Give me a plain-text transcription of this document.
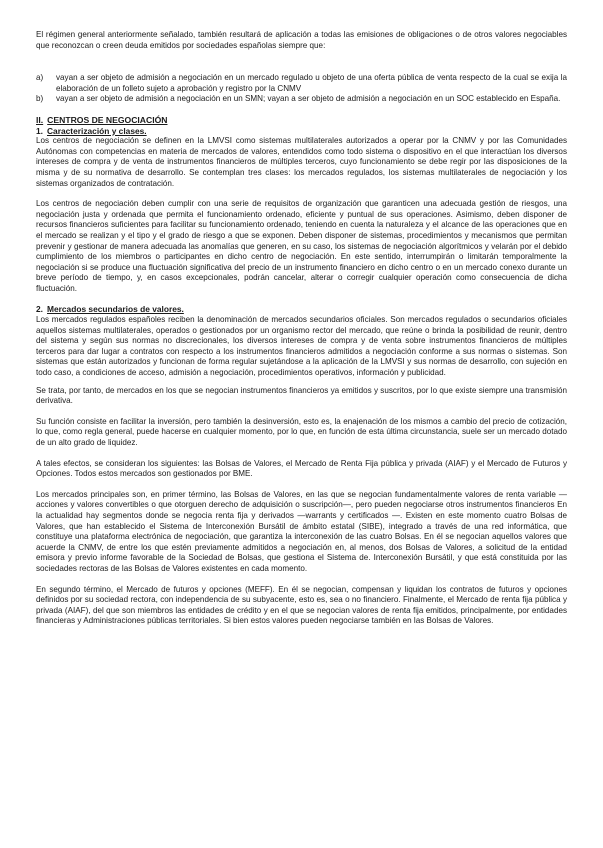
El régimen general anteriormente señalado, también resultará de aplicación a todas las emisiones de obligaciones o de otros valores negociables que reconozcan o creen deuda emitidos por sociedades españolas siempre que:

a)	vayan a ser objeto de admisión a negociación en un mercado regulado u objeto de una oferta pública de venta respecto de la cual se exija la elaboración de un folleto sujeto a aprobación y registro por la CNMV
b)	vayan a ser objeto de admisión a negociación en un SMN; vayan a ser objeto de admisión a negociación en un SOC establecido en España.
II. CENTROS DE NEGOCIACIÓN
1. Caracterización y clases.

Los centros de negociación se definen en la LMVSI como sistemas multilaterales autorizados a operar por la CNMV y por las Comunidades Autónomas con competencias en materia de mercados de valores, entendidos como todo sistema o dispositivo en el que interactúan los diversos intereses de compra y de venta de instrumentos financieros de múltiples terceros, cuyo funcionamiento se debe regir por las disposiciones de la misma y de su normativa de desarrollo. Se contemplan tres clases: los mercados regulados, los sistemas multilaterales de negociación y los sistemas organizados de contratación.

Los centros de negociación deben cumplir con una serie de requisitos de organización que garanticen una adecuada gestión de riesgos, una negociación justa y ordenada que permita el funcionamiento ordenado, eficiente y puntual de sus operaciones. Asimismo, deben disponer de recursos financieros suficientes para facilitar su funcionamiento ordenado, teniendo en cuenta la naturaleza y el alcance de las operaciones que en el mercado se realizan y el tipo y el grado de riesgo a que se exponen. Deben disponer de sistemas, procedimientos y mecanismos que permitan prevenir y gestionar de manera adecuada las anomalías que generen, en su caso, los sistemas de negociación algorítmicos y velarán por el debido cumplimiento de los miembros o participantes en dicho centro de negociación. En este sentido, interrumpirán o limitarán temporalmente la negociación si se produce una fluctuación significativa del precio de un instrumento financiero en dicho centro o en un mercado conexo durante un breve período de tiempo, y, en casos excepcionales, podrán cancelar, alterar o corregir cualquier operación como consecuencia de dicha fluctuación.

2. Mercados secundarios de valores.

Los mercados regulados españoles reciben la denominación de mercados secundarios oficiales. Son mercados regulados o secundarios oficiales aquellos sistemas multilaterales, operados o gestionados por un organismo rector del mercado, que reúne o brinda la posibilidad de reunir, dentro del sistema y según sus normas no discrecionales, los diversos intereses de compra y de venta sobre instrumentos financieros de múltiples terceros para dar lugar a contratos con respecto a los instrumentos financieros admitidos a negociación conforme a sus normas o sistemas. Son sistemas que están autorizados y funcionan de forma regular sujetándose a la aplicación de la LMVSI y sus normas de desarrollo, con sujeción en todo caso, a condiciones de acceso, admisión a negociación, procedimientos operativos, información y publicidad.

Se trata, por tanto, de mercados en los que se negocian instrumentos financieros ya emitidos y suscritos, por lo que existe siempre una transmisión derivativa.

Su función consiste en facilitar la inversión, pero también la desinversión, esto es, la enajenación de los mismos a cambio del precio de cotización, lo que, como regla general, puede hacerse en cualquier momento, por lo que, en función de esta última circunstancia, suele ser un mercado dotado de un alto grado de liquidez.

A tales efectos, se consideran los siguientes: las Bolsas de Valores, el Mercado de Renta Fija pública y privada (AIAF) y el Mercado de Futuros y Opciones. Todos estos mercados son gestionados por BME.

Los mercados principales son, en primer término, las Bolsas de Valores, en las que se negocian fundamentalmente valores de renta variable —acciones y valores convertibles o que otorguen derecho de adquisición o suscripción—, pero pueden negociarse otros instrumentos financieros En la actualidad hay segmentos donde se negocia renta fija y derivados —warrants y certificados —. Existen en este momento cuatro Bolsas de Valores, que han establecido el Sistema de Interconexión Bursátil de ámbito estatal (SIBE), integrado a través de una red informática, que constituye una plataforma electrónica de negociación, que garantiza la interconexión de las cuatro Bolsas. En él se negocian aquellos valores que acuerde la CNMV, de entre los que estén previamente admitidos a negociación en, al menos, dos Bolsas de Valores, a solicitud de la entidad emisora y previo informe favorable de la Sociedad de Bolsas, que gestiona el Sistema de. Interconexión Bursátil, y que está constituida por las sociedades rectoras de las Bolsas de Valores existentes en cada momento.

En segundo término, el Mercado de futuros y opciones (MEFF). En él se negocian, compensan y liquidan los contratos de futuros y opciones definidos por su sociedad rectora, con independencia de su subyacente, esto es, sea o no financiero. Finalmente, el Mercado de renta fija pública y privada (AIAF), del que son miembros las entidades de crédito y en el que se negocian valores de renta fija emitidos, principalmente, por entidades financieras y Administraciones públicas territoriales. Si bien estos valores pueden negociarse también en las Bolsas de Valores.
